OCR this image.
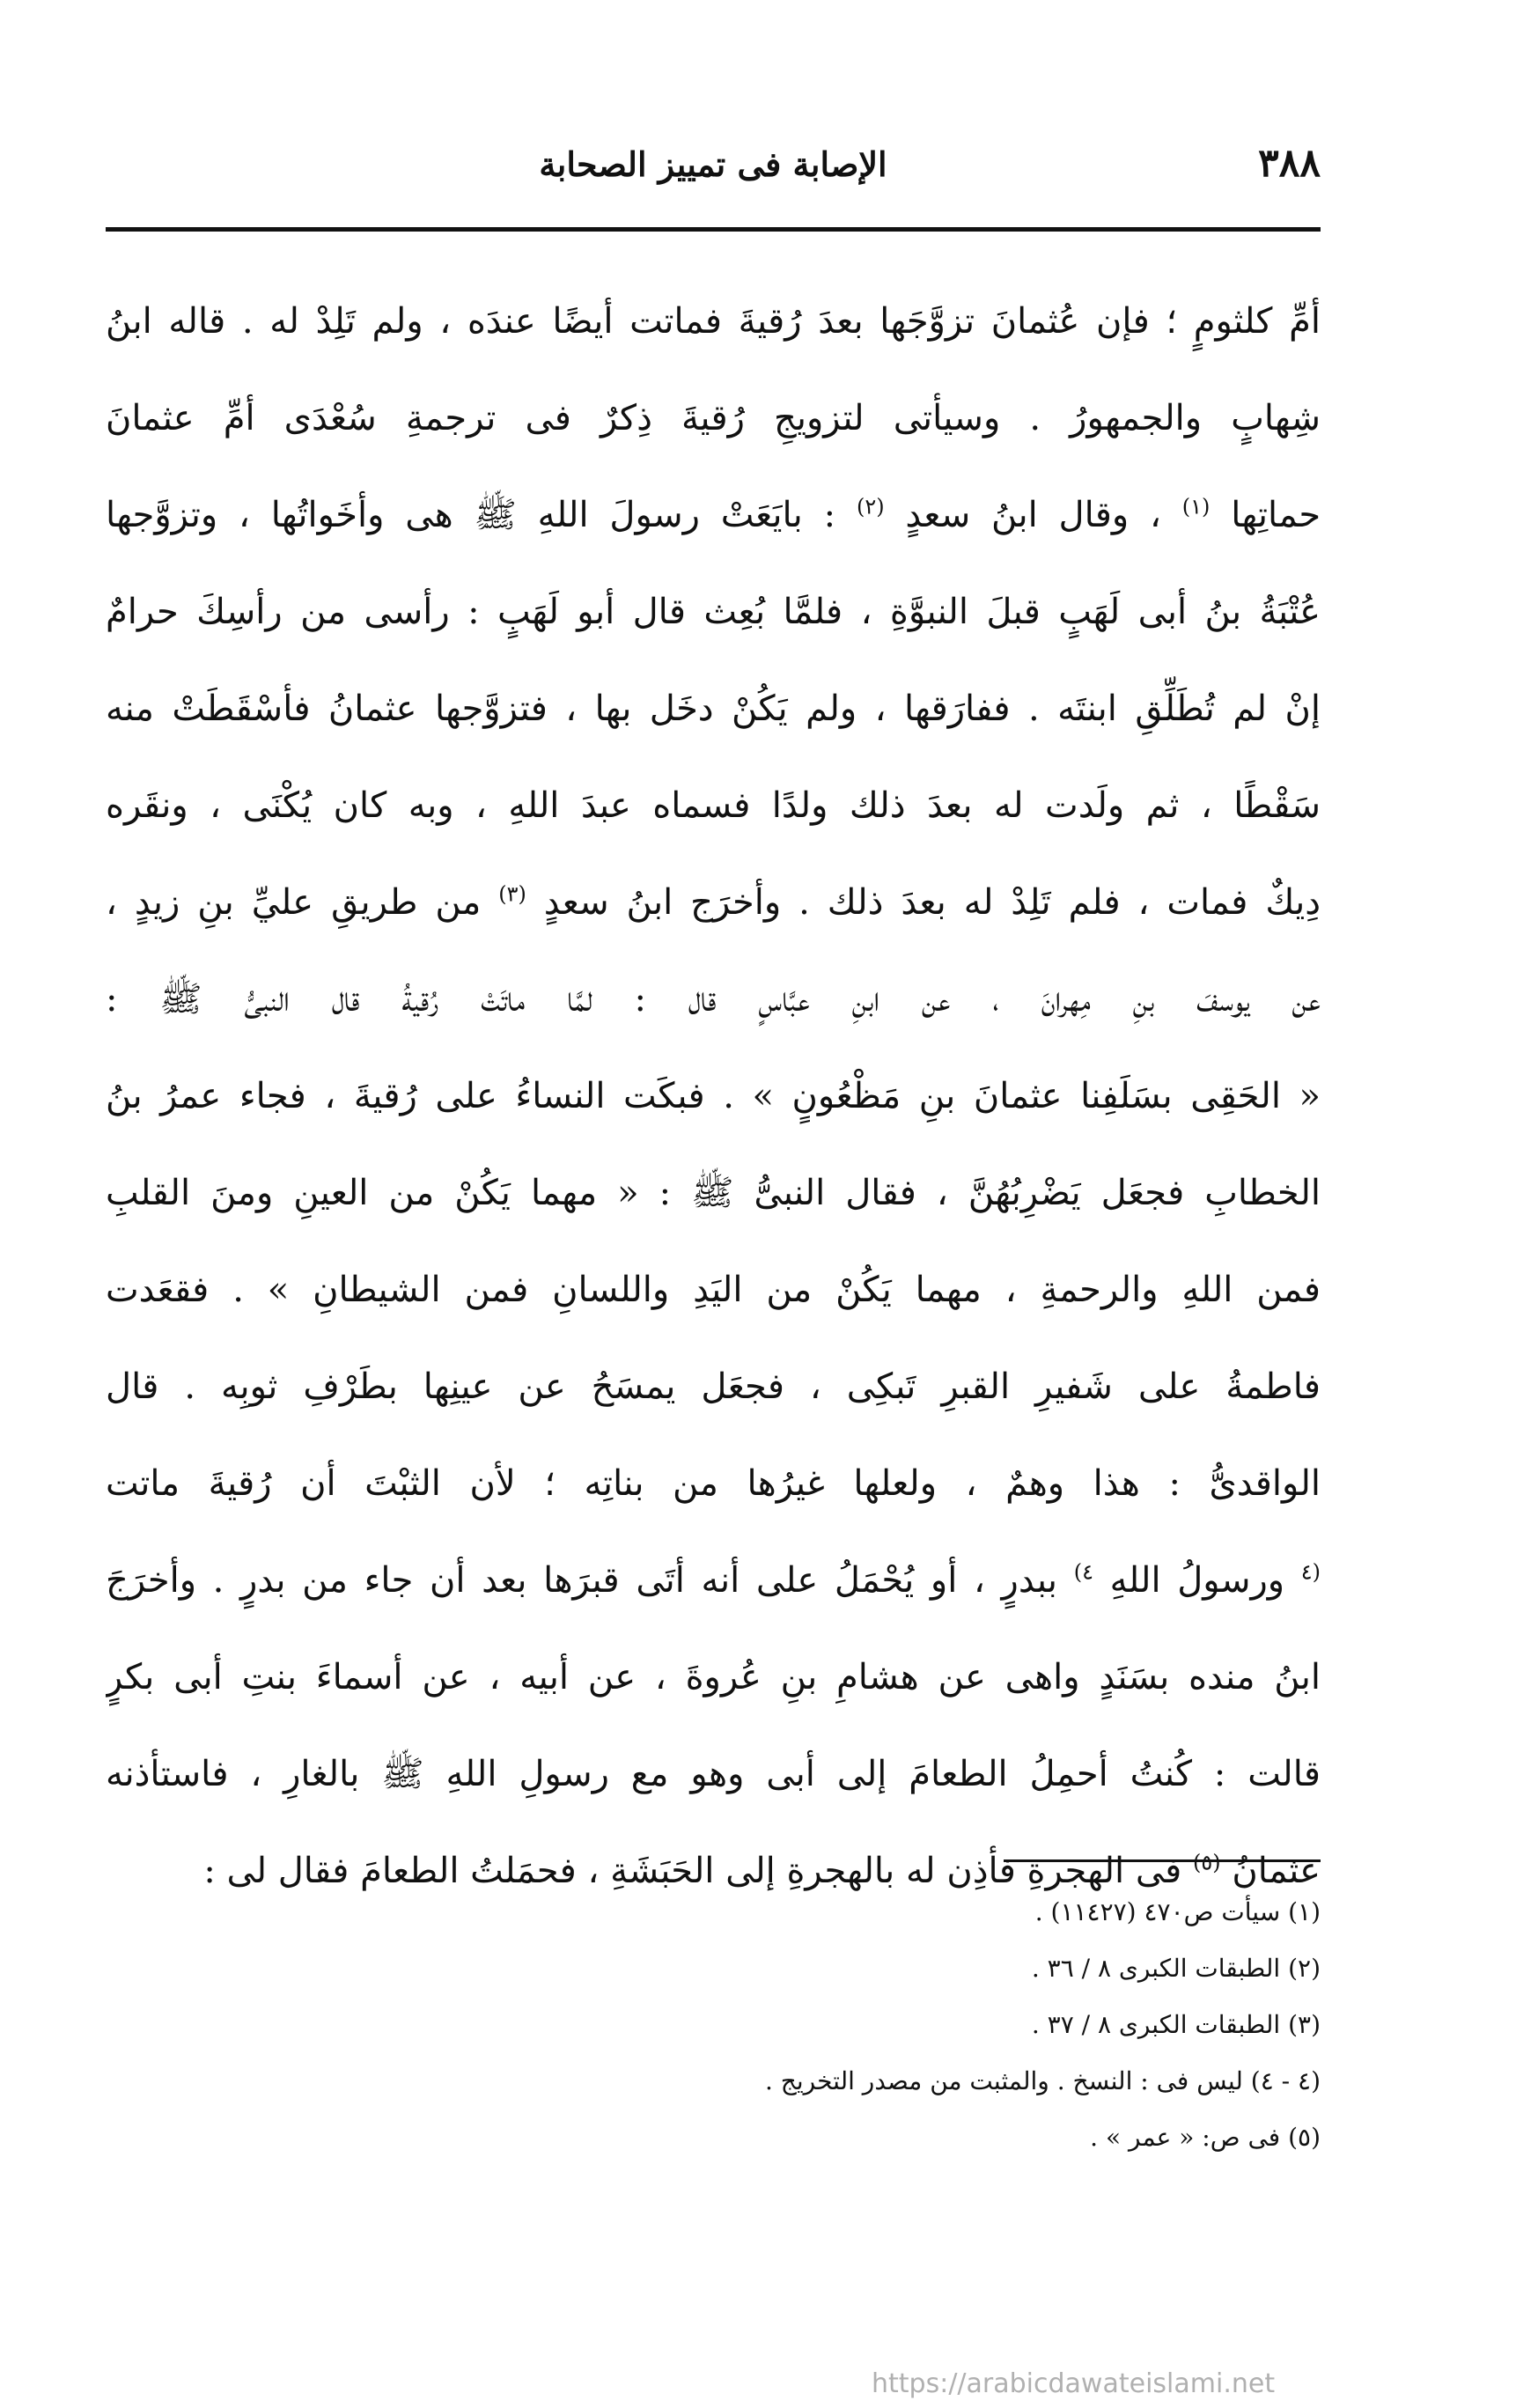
٣٨٨
الإصابة فى تمييز الصحابة
أمِّ كلثومٍ ؛ فإن عُثمانَ تزوَّجَها بعدَ رُقيةَ فماتت أيضًا عندَه ، ولم تَلِدْ له . قاله ابنُ
شِهابٍ والجمهورُ . وسيأتى لتزويجِ رُقيةَ ذِكرٌ فى ترجمةِ سُعْدَى أمِّ عثمانَ
حماتِها $^{(١)}$ ، وقال ابنُ سعدٍ $^{(٢)}$ : بايَعَتْ رسولَ اللهِ ﷺ هى وأخَواتُها ، وتزوَّجها
عُتْبَةُ بنُ أبى لَهَبٍ قبلَ النبوَّةِ ، فلمَّا بُعِث قال أبو لَهَبٍ : رأسى من رأسِكَ حرامٌ
إنْ لم تُطَلِّقِ ابنتَه . ففارَقها ، ولم يَكُنْ دخَل بها ، فتزوَّجها عثمانُ فأسْقَطَتْ منه
سَقْطًا ، ثم ولَدت له بعدَ ذلك ولدًا فسماه عبدَ اللهِ ، وبه كان يُكْنَى ، ونقَره
دِيكٌ فمات ، فلم تَلِدْ له بعدَ ذلك . وأخرَج ابنُ سعدٍ $^{(٣)}$ من طريقِ عليِّ بنِ زيدٍ ،
عن يوسفَ بنِ مِهرانَ ، عن ابنِ عبَّاسٍ قال : لمَّا ماتَتْ رُقيةُ قال النبىُّ ﷺ :
« الحَقِى بسَلَفِنا عثمانَ بنِ مَظْعُونٍ » . فبكَت النساءُ على رُقيةَ ، فجاء عمرُ بنُ
الخطابِ فجعَل يَضْرِبُهُنَّ ، فقال النبىُّ ﷺ : « مهما يَكُنْ من العينِ ومنَ القلبِ
فمن اللهِ والرحمةِ ، مهما يَكُنْ من اليَدِ واللسانِ فمن الشيطانِ » . فقعَدت
فاطمةُ على شَفيرِ القبرِ تَبكِى ، فجعَل يمسَحُ عن عينِها بطَرْفِ ثوبِه . قال
الواقدىُّ : هذا وهمٌ ، ولعلها غيرُها من بناتِه ؛ لأن الثبْتَ أن رُقيةَ ماتت
$^{(٤}$ ورسولُ اللهِ $^{٤)}$ ببدرٍ ، أو يُحْمَلُ على أنه أتَى قبرَها بعد أن جاء من بدرٍ . وأخرَجَ
ابنُ منده بسَنَدٍ واهى عن هشامِ بنِ عُروةَ ، عن أبيه ، عن أسماءَ بنتِ أبى بكرٍ
قالت : كُنتُ أحمِلُ الطعامَ إلى أبى وهو مع رسولِ اللهِ ﷺ بالغارِ ، فاستأذنه
عثمانُ $^{(٥)}$ فى الهجرةِ فأذِن له بالهجرةِ إلى الحَبَشَةِ ، فحمَلتُ الطعامَ فقال لى :
(١) سيأت ص٤٧٠ (١١٤٢٧) .
(٢) الطبقات الكبرى ٨ / ٣٦ .
(٣) الطبقات الكبرى ٨ / ٣٧ .
(٤ - ٤) ليس فى : النسخ . والمثبت من مصدر التخريج .
(٥) فى ص: « عمر » .
https://arabicdawateislami.net
